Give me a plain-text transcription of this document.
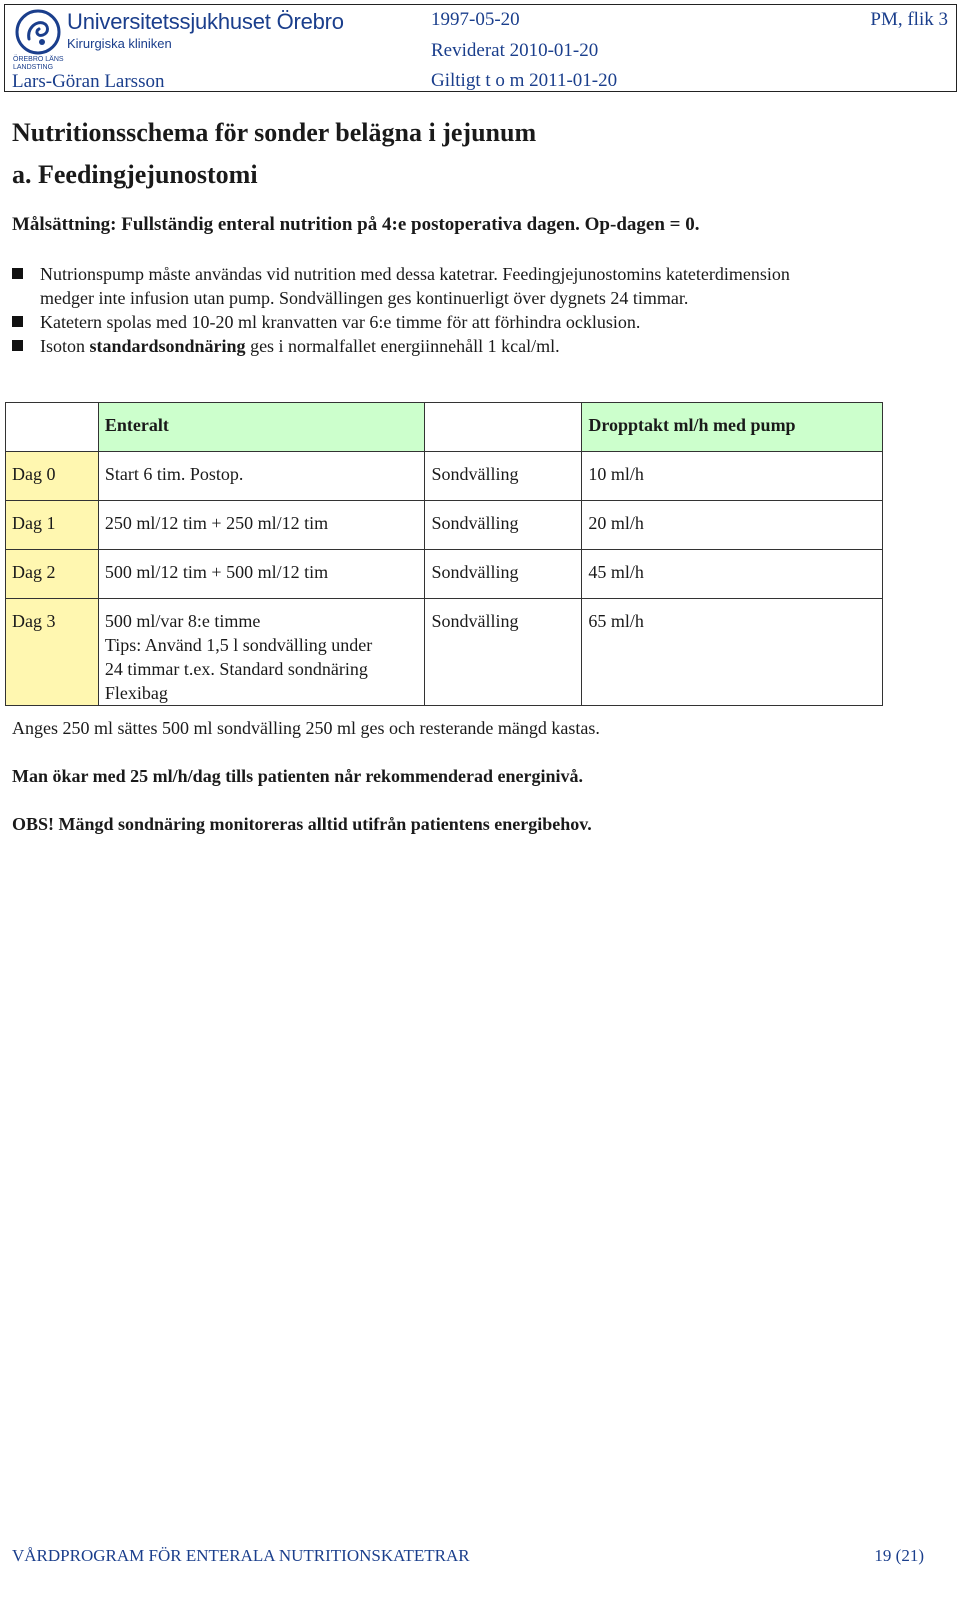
Universitetssjukhuset Örebro
Kirurgiska kliniken
ÖREBRO LÄNS LANDSTING
Lars-Göran Larsson
1997-05-20
Reviderat 2010-01-20
Giltigt t o m 2011-01-20
PM, flik 3
Nutritionsschema för sonder belägna i jejunum
a. Feedingjejunostomi
Målsättning: Fullständig enteral nutrition på 4:e postoperativa dagen. Op-dagen = 0.
Nutrionspump måste användas vid nutrition med dessa katetrar. Feedingjejunostomins kateterdimension
medger inte infusion utan pump. Sondvällingen ges kontinuerligt över dygnets 24 timmar.
Katetern spolas med 10-20 ml kranvatten var 6:e timme för att förhindra ocklusion.
Isoton standardsondnäring ges i normalfallet energiinnehåll 1 kcal/ml.
	Enteralt		Dropptakt ml/h med pump
Dag 0	Start 6 tim. Postop.	Sondvälling	10 ml/h
Dag 1	250 ml/12 tim + 250 ml/12 tim	Sondvälling	20 ml/h
Dag 2	500 ml/12 tim + 500 ml/12 tim	Sondvälling	45 ml/h
Dag 3	500 ml/var 8:e timme
Tips: Använd 1,5 l sondvälling under
24 timmar t.ex. Standard sondnäring
Flexibag	Sondvälling	65 ml/h
Anges 250 ml sättes 500 ml sondvälling 250 ml ges och resterande mängd kastas.
Man ökar med 25 ml/h/dag tills patienten når rekommenderad energinivå.
OBS! Mängd sondnäring monitoreras alltid utifrån patientens energibehov.
VÅRDPROGRAM FÖR ENTERALA NUTRITIONSKATETRAR	19 (21)
